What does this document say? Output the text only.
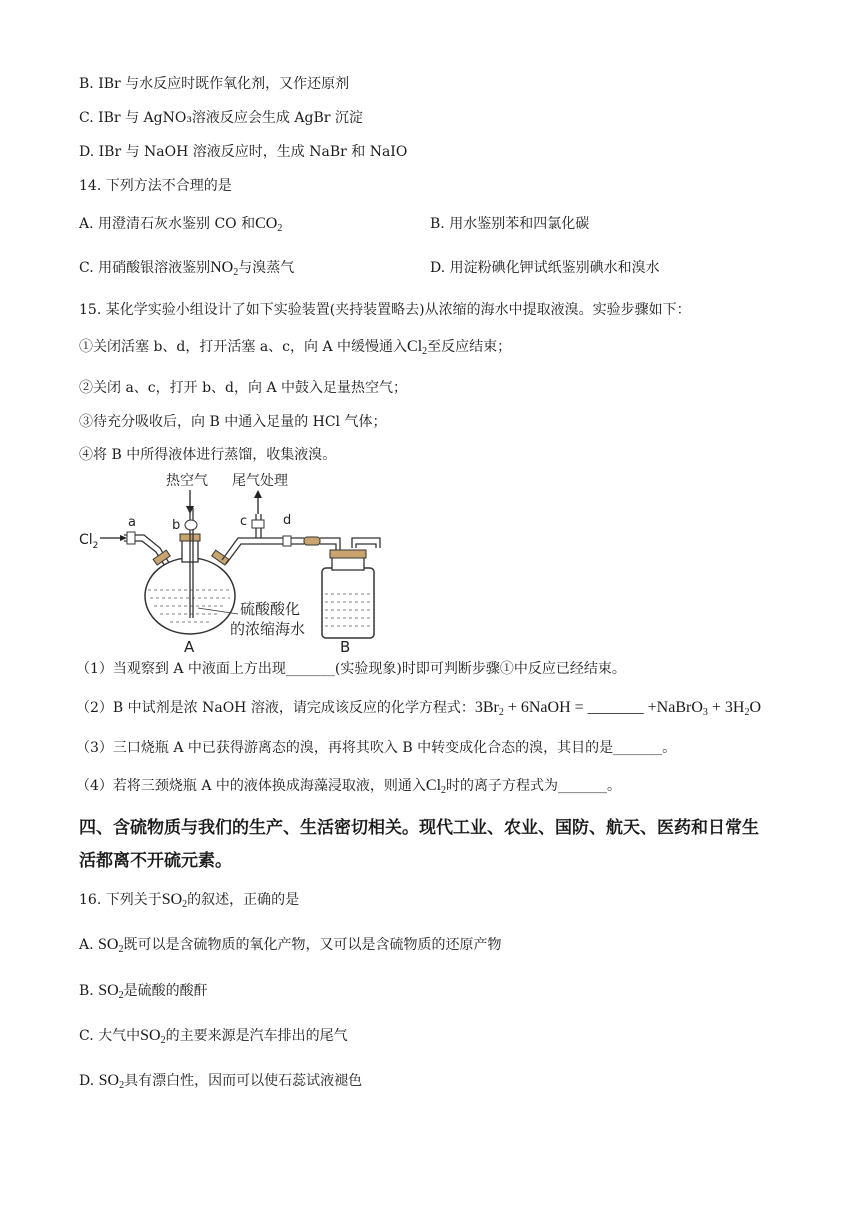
B. IBr 与水反应时既作氧化剂，又作还原剂
C. IBr 与 AgNO₃溶液反应会生成 AgBr 沉淀
D. IBr 与 NaOH 溶液反应时，生成 NaBr 和 NaIO
14. 下列方法不合理的是
A. 用澄清石灰水鉴别 CO 和$CO_2$	B. 用水鉴别苯和四氯化碳
C. 用硝酸银溶液鉴别$NO_2$与溴蒸气	D. 用淀粉碘化钾试纸鉴别碘水和溴水
15. 某化学实验小组设计了如下实验装置(夹持装置略去)从浓缩的海水中提取液溴。实验步骤如下：
①关闭活塞 b、d，打开活塞 a、c，向 A 中缓慢通入$Cl_2$至反应结束；
②关闭 a、c，打开 b、d，向 A 中鼓入足量热空气；
③待充分吸收后，向 B 中通入足量的 HCl 气体；
④将 B 中所得液体进行蒸馏，收集液溴。
热空气 尾气处理
$Cl_2$
a	b	c	d
硫酸酸化
的浓缩海水
A	B
（1）当观察到 A 中液面上方出现_______(实验现象)时即可判断步骤①中反应已经结束。
（2）B 中试剂是浓 NaOH 溶液，请完成该反应的化学方程式：$3Br_2$ + 6NaOH = _______ +NaBrO$_3$ + $3H_2O$
（3）三口烧瓶 A 中已获得游离态的溴，再将其吹入 B 中转变成化合态的溴，其目的是_______。
（4）若将三颈烧瓶 A 中的液体换成海藻浸取液，则通入$Cl_2$时的离子方程式为_______。
四、含硫物质与我们的生产、生活密切相关。现代工业、农业、国防、航天、医药和日常生
活都离不开硫元素。
16. 下列关于$SO_2$的叙述，正确的是
A. $SO_2$既可以是含硫物质的氧化产物，又可以是含硫物质的还原产物
B. $SO_2$是硫酸的酸酐
C. 大气中$SO_2$的主要来源是汽车排出的尾气
D. $SO_2$具有漂白性，因而可以使石蕊试液褪色
